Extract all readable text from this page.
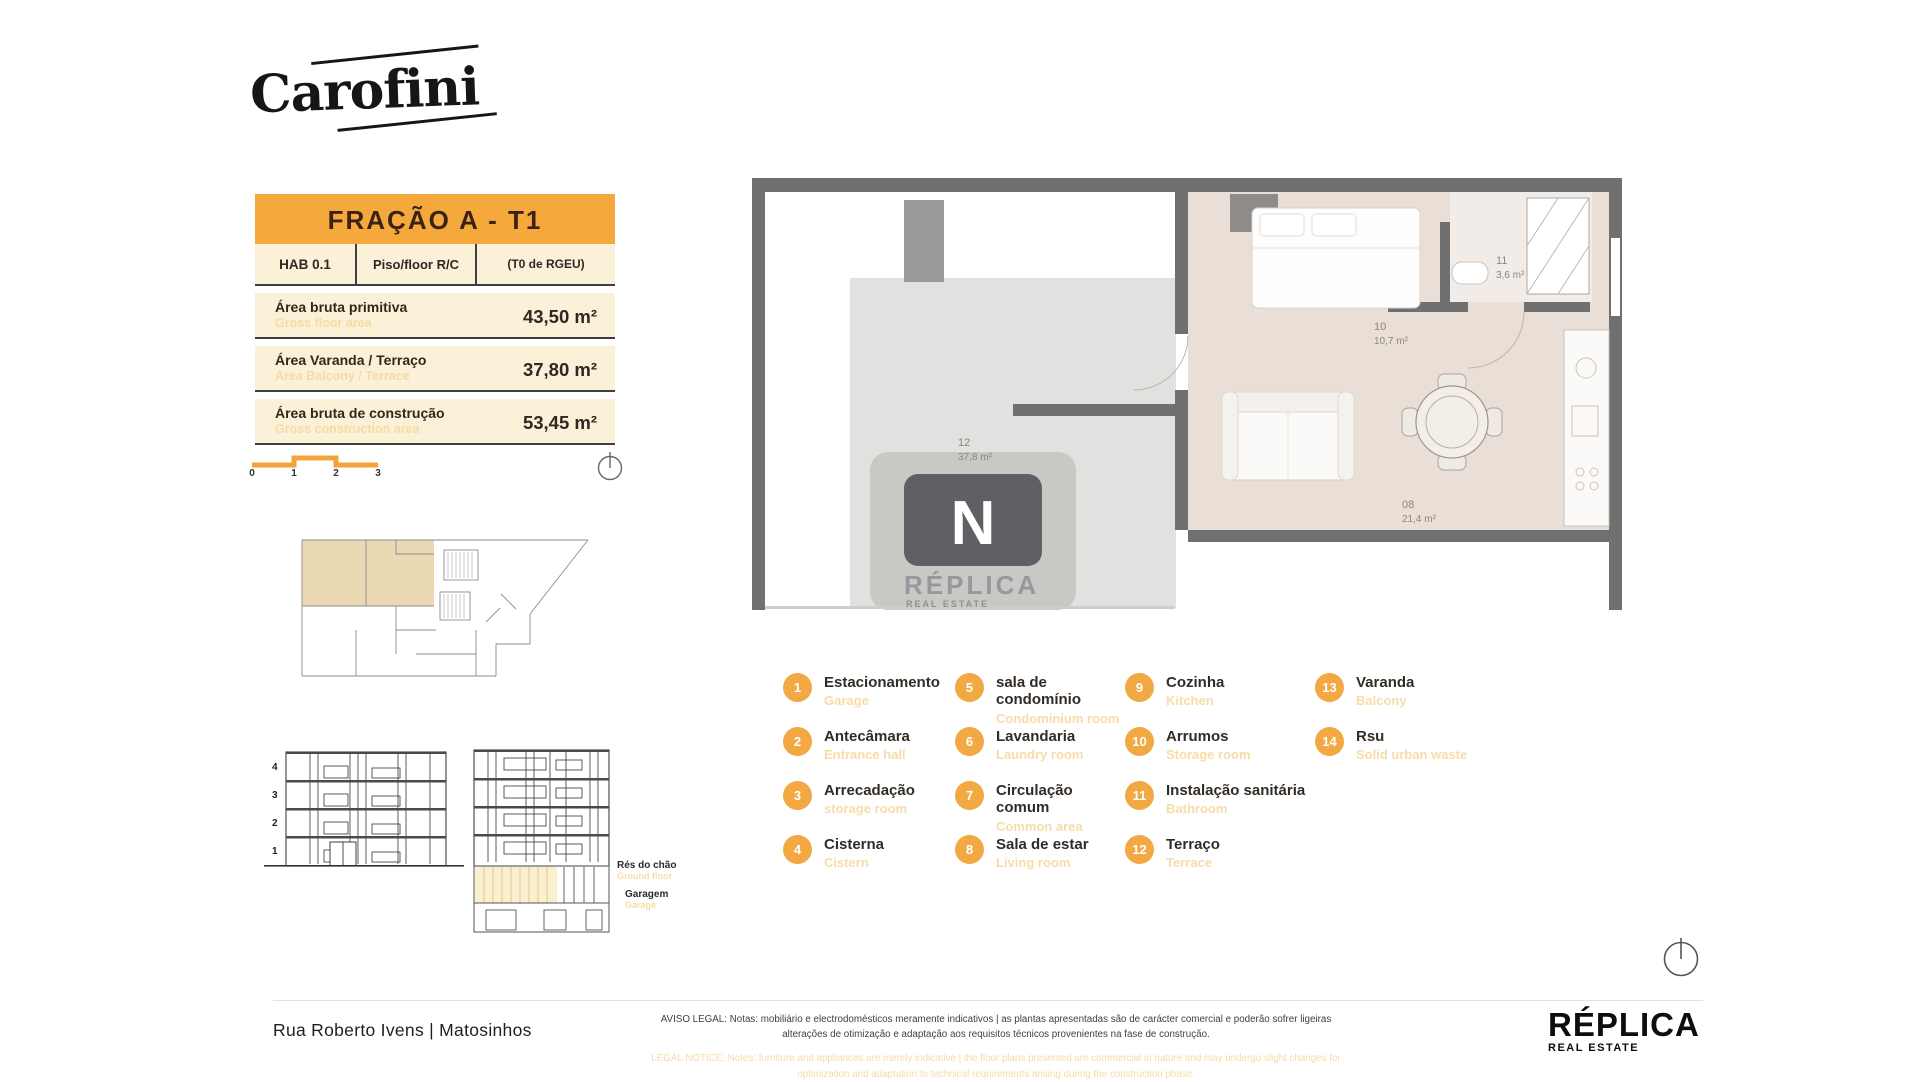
Carofini
FRAÇÃO A - T1
HAB 0.1	Piso/floor R/C	(T0 de RGEU)
Área bruta primitiva
Gross floor area	43,50 m²
Área Varanda / Terraço
Area Balcony / Terrace	37,80 m²
Área bruta de construção
Gross construction area	53,45 m²
0	1	2	3
4
3
2
1
Rés do chão
Ground floor
Garagem
Garage
12
37,8 m²
10
10,7 m²
11
3,6 m²
08
21,4 m²
N
RÉPLICA
REAL ESTATE
1	Estacionamento
Garage
2	Antecâmara
Entrance hall
3	Arrecadação
storage room
4	Cisterna
Cistern
5	sala de condomínio
Condominium room
6	Lavandaria
Laundry room
7	Circulação comum
Common area
8	Sala de estar
Living room
9	Cozinha
Kitchen
10	Arrumos
Storage room
11	Instalação sanitária
Bathroom
12	Terraço
Terrace
13	Varanda
Balcony
14	Rsu
Solid urban waste
Rua Roberto Ivens | Matosinhos
AVISO LEGAL: Notas: mobiliário e electrodomésticos meramente indicativos | as plantas apresentadas são de carácter comercial e poderão sofrer ligeiras alterações de otimização e adaptação aos requisitos técnicos provenientes na fase de construção.
LEGAL NOTICE: Notes: furniture and appliances are merely indicative | the floor plans presented are commercial in nature and may undergo slight changes for optimization and adaptation to technical requirements arising during the construction phase.
RÉPLICA
REAL ESTATE
